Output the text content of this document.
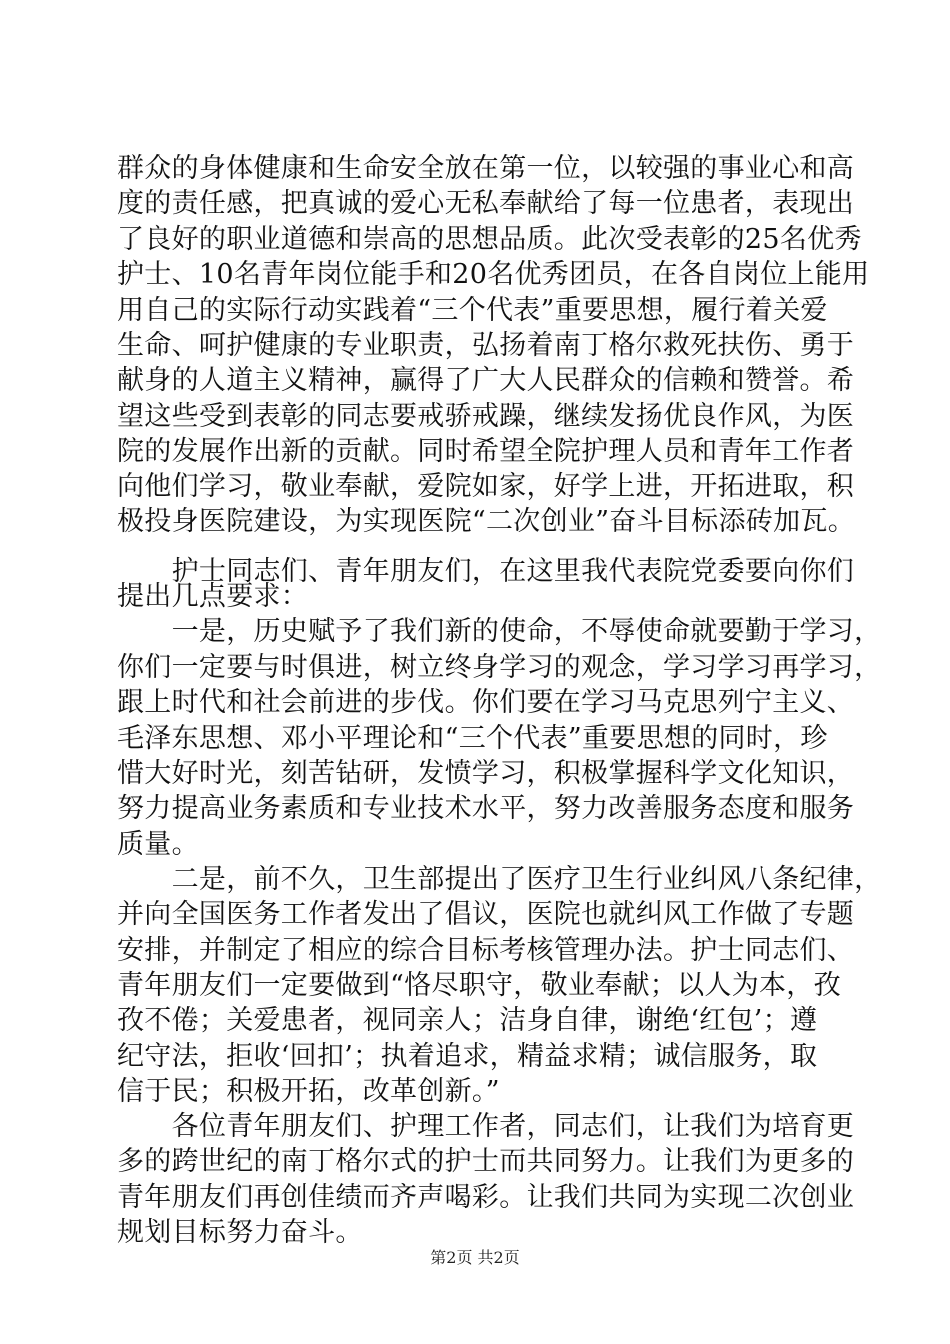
群众的身体健康和生命安全放在第一位，以较强的事业心和高
度的责任感，把真诚的爱心无私奉献给了每一位患者，表现出
了良好的职业道德和崇高的思想品质。此次受表彰的25名优秀
护士、10名青年岗位能手和20名优秀团员，在各自岗位上能用
用自己的实际行动实践着“三个代表”重要思想，履行着关爱
生命、呵护健康的专业职责，弘扬着南丁格尔救死扶伤、勇于
献身的人道主义精神，赢得了广大人民群众的信赖和赞誉。希
望这些受到表彰的同志要戒骄戒躁，继续发扬优良作风，为医
院的发展作出新的贡献。同时希望全院护理人员和青年工作者
向他们学习，敬业奉献，爱院如家，好学上进，开拓进取，积
极投身医院建设，为实现医院“二次创业”奋斗目标添砖加瓦。
　　护士同志们、青年朋友们，在这里我代表院党委要向你们
提出几点要求：
　　一是，历史赋予了我们新的使命，不辱使命就要勤于学习，
你们一定要与时俱进，树立终身学习的观念，学习学习再学习，
跟上时代和社会前进的步伐。你们要在学习马克思列宁主义、
毛泽东思想、邓小平理论和“三个代表”重要思想的同时，珍
惜大好时光，刻苦钻研，发愤学习，积极掌握科学文化知识，
努力提高业务素质和专业技术水平，努力改善服务态度和服务
质量。
　　二是，前不久，卫生部提出了医疗卫生行业纠风八条纪律，
并向全国医务工作者发出了倡议，医院也就纠风工作做了专题
安排，并制定了相应的综合目标考核管理办法。护士同志们、
青年朋友们一定要做到“恪尽职守，敬业奉献；以人为本，孜
孜不倦；关爱患者，视同亲人；洁身自律，谢绝‘红包’；遵
纪守法，拒收‘回扣’；执着追求，精益求精；诚信服务，取
信于民；积极开拓，改革创新。”
　　各位青年朋友们、护理工作者，同志们，让我们为培育更
多的跨世纪的南丁格尔式的护士而共同努力。让我们为更多的
青年朋友们再创佳绩而齐声喝彩。让我们共同为实现二次创业
规划目标努力奋斗。
第2页 共2页
